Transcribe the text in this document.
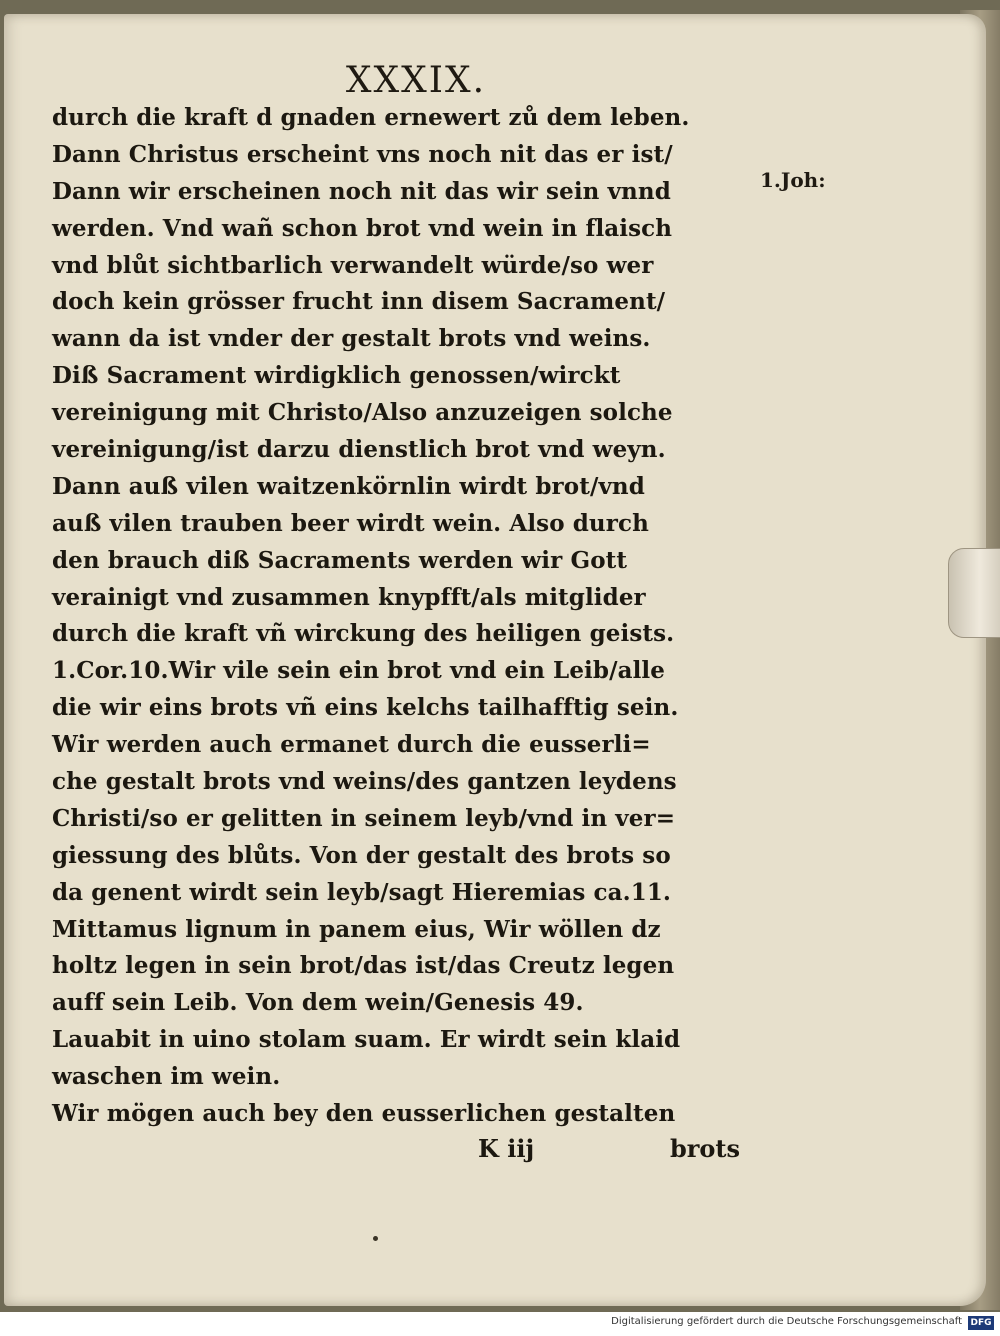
XXXIX.
1.Joh:
durch die kraft d gnaden ernewert zů dem leben.
Dann Christus erscheint vns noch nit das er ist/
Dann wir erscheinen noch nit das wir sein vnnd
werden. Vnd wañ schon brot vnd wein in flaisch
vnd blůt sichtbarlich verwandelt würde/so wer
doch kein grösser frucht inn disem Sacrament/
wann da ist vnder der gestalt brots vnd weins.
Diß Sacrament wirdigklich genossen/wirckt
vereinigung mit Christo/Also anzuzeigen solche
vereinigung/ist darzu dienstlich brot vnd weyn.
Dann auß vilen waitzenkörnlin wirdt brot/vnd
auß vilen trauben beer wirdt wein. Also durch
den brauch diß Sacraments werden wir Gott
verainigt vnd zusammen knypfft/als mitglider
durch die kraft vñ wirckung des heiligen geists.
1.Cor.10.Wir vile sein ein brot vnd ein Leib/alle
die wir eins brots vñ eins kelchs tailhafftig sein.
Wir werden auch ermanet durch die eusserli=
che gestalt brots vnd weins/des gantzen leydens
Christi/so er gelitten in seinem leyb/vnd in ver=
giessung des blůts. Von der gestalt des brots so
da genent wirdt sein leyb/sagt Hieremias ca.11.
Mittamus lignum in panem eius, Wir wöllen dz
holtz legen in sein brot/das ist/das Creutz legen
auff sein Leib. Von dem wein/Genesis 49.
Lauabit in uino stolam suam. Er wirdt sein klaid
waschen im wein.
Wir mögen auch bey den eusserlichen gestalten
K iij	brots
Digitalisierung gefördert durch die Deutsche Forschungsgemeinschaft DFG
